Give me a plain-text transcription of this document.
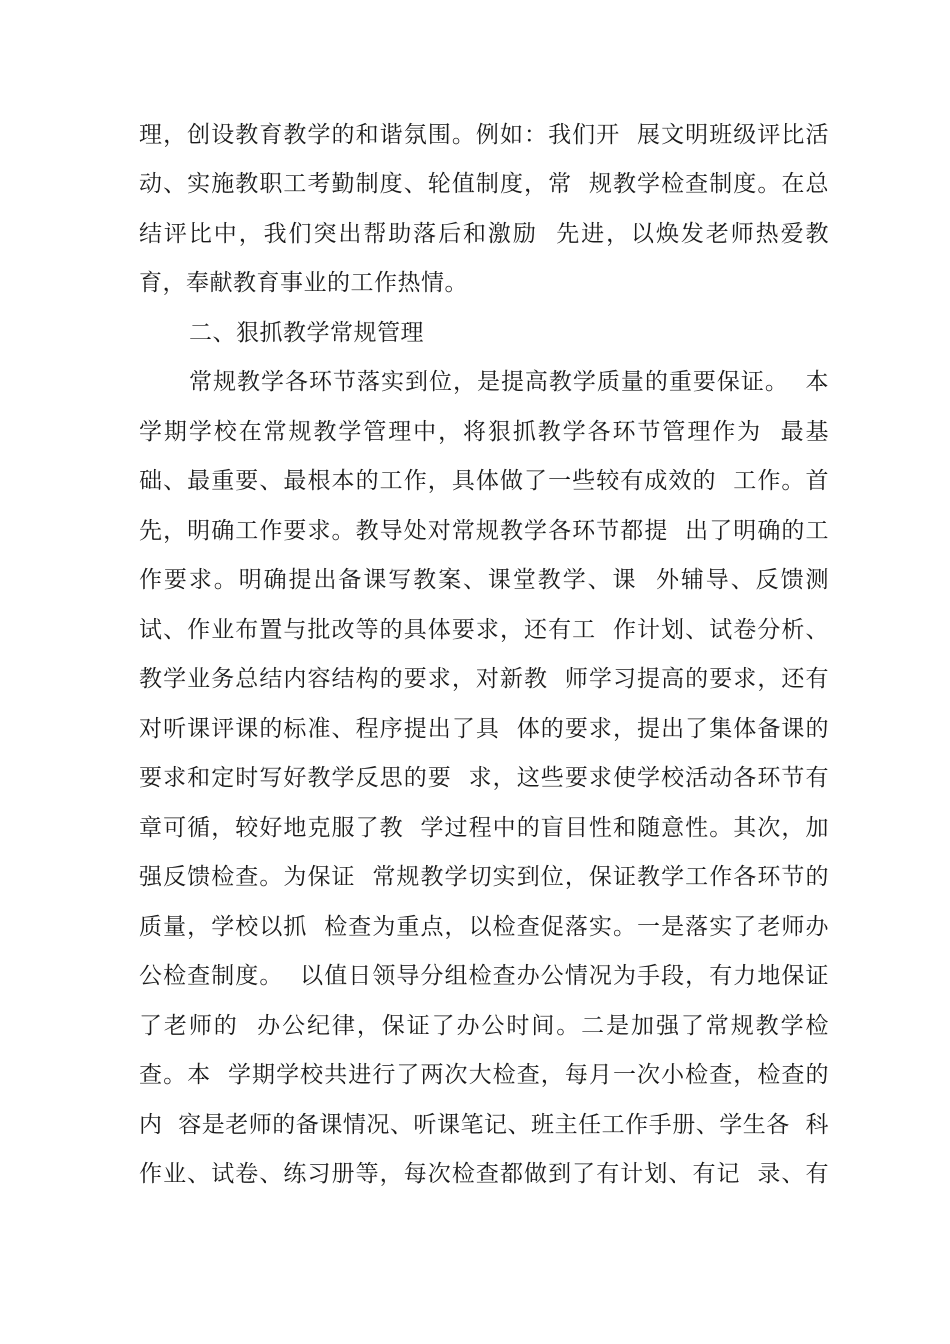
理，创设教育教学的和谐氛围。例如：我们开  展文明班级评比活
动、实施教职工考勤制度、轮值制度，常  规教学检查制度。在总
结评比中，我们突出帮助落后和激励  先进，以焕发老师热爱教
育，奉献教育事业的工作热情。
二、狠抓教学常规管理
常规教学各环节落实到位，是提高教学质量的重要保证。  本
学期学校在常规教学管理中，将狠抓教学各环节管理作为  最基
础、最重要、最根本的工作，具体做了一些较有成效的  工作。首
先，明确工作要求。教导处对常规教学各环节都提  出了明确的工
作要求。明确提出备课写教案、课堂教学、课  外辅导、反馈测
试、作业布置与批改等的具体要求，还有工  作计划、试卷分析、
教学业务总结内容结构的要求，对新教  师学习提高的要求，还有
对听课评课的标准、程序提出了具  体的要求，提出了集体备课的
要求和定时写好教学反思的要  求，这些要求使学校活动各环节有
章可循，较好地克服了教  学过程中的盲目性和随意性。其次，加
强反馈检查。为保证  常规教学切实到位，保证教学工作各环节的
质量，学校以抓  检查为重点，以检查促落实。一是落实了老师办
公检查制度。  以值日领导分组检查办公情况为手段，有力地保证
了老师的  办公纪律，保证了办公时间。二是加强了常规教学检
查。本  学期学校共进行了两次大检查，每月一次小检查，检查的
内  容是老师的备课情况、听课笔记、班主任工作手册、学生各  科
作业、试卷、练习册等，每次检查都做到了有计划、有记  录、有
